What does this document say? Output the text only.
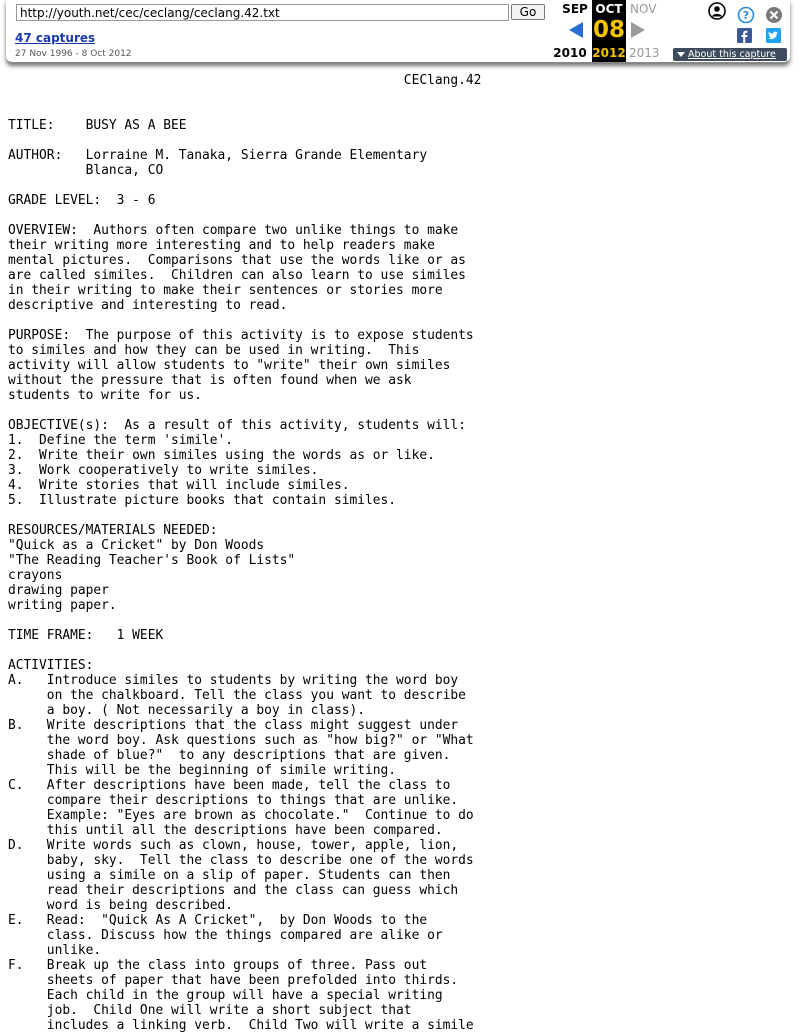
http://youth.net/cec/ceclang/ceclang.42.txt
Go
47 captures
27 Nov 1996 - 8 Oct 2012
SEP OCT NOV
08
2010 2012 2013
?
About this capture
CEClang.42

TITLE:    BUSY AS A BEE

AUTHOR:   Lorraine M. Tanaka, Sierra Grande Elementary
Blanca, CO

GRADE LEVEL:  3 - 6

OVERVIEW:  Authors often compare two unlike things to make
their writing more interesting and to help readers make
mental pictures.  Comparisons that use the words like or as
are called similes.  Children can also learn to use similes
in their writing to make their sentences or stories more
descriptive and interesting to read.

PURPOSE:  The purpose of this activity is to expose students
to similes and how they can be used in writing.  This
activity will allow students to "write" their own similes
without the pressure that is often found when we ask
students to write for us.

OBJECTIVE(s):  As a result of this activity, students will:
1.  Define the term 'simile'.
2.  Write their own similes using the words as or like.
3.  Work cooperatively to write similes.
4.  Write stories that will include similes.
5.  Illustrate picture books that contain similes.

RESOURCES/MATERIALS NEEDED:
"Quick as a Cricket" by Don Woods
"The Reading Teacher's Book of Lists"
crayons
drawing paper
writing paper.

TIME FRAME:   1 WEEK

ACTIVITIES:
A.   Introduce similes to students by writing the word boy
on the chalkboard. Tell the class you want to describe
a boy. ( Not necessarily a boy in class).
B.   Write descriptions that the class might suggest under
the word boy. Ask questions such as "how big?" or "What
shade of blue?"  to any descriptions that are given.
This will be the beginning of simile writing.
C.   After descriptions have been made, tell the class to
compare their descriptions to things that are unlike.
Example: "Eyes are brown as chocolate."  Continue to do
this until all the descriptions have been compared.
D.   Write words such as clown, house, tower, apple, lion,
baby, sky.  Tell the class to describe one of the words
using a simile on a slip of paper. Students can then
read their descriptions and the class can guess which
word is being described.
E.   Read:  "Quick As A Cricket",  by Don Woods to the
class. Discuss how the things compared are alike or
unlike.
F.   Break up the class into groups of three. Pass out
sheets of paper that have been prefolded into thirds.
Each child in the group will have a special writing
job.  Child One will write a short subject that
includes a linking verb.  Child Two will write a simile
